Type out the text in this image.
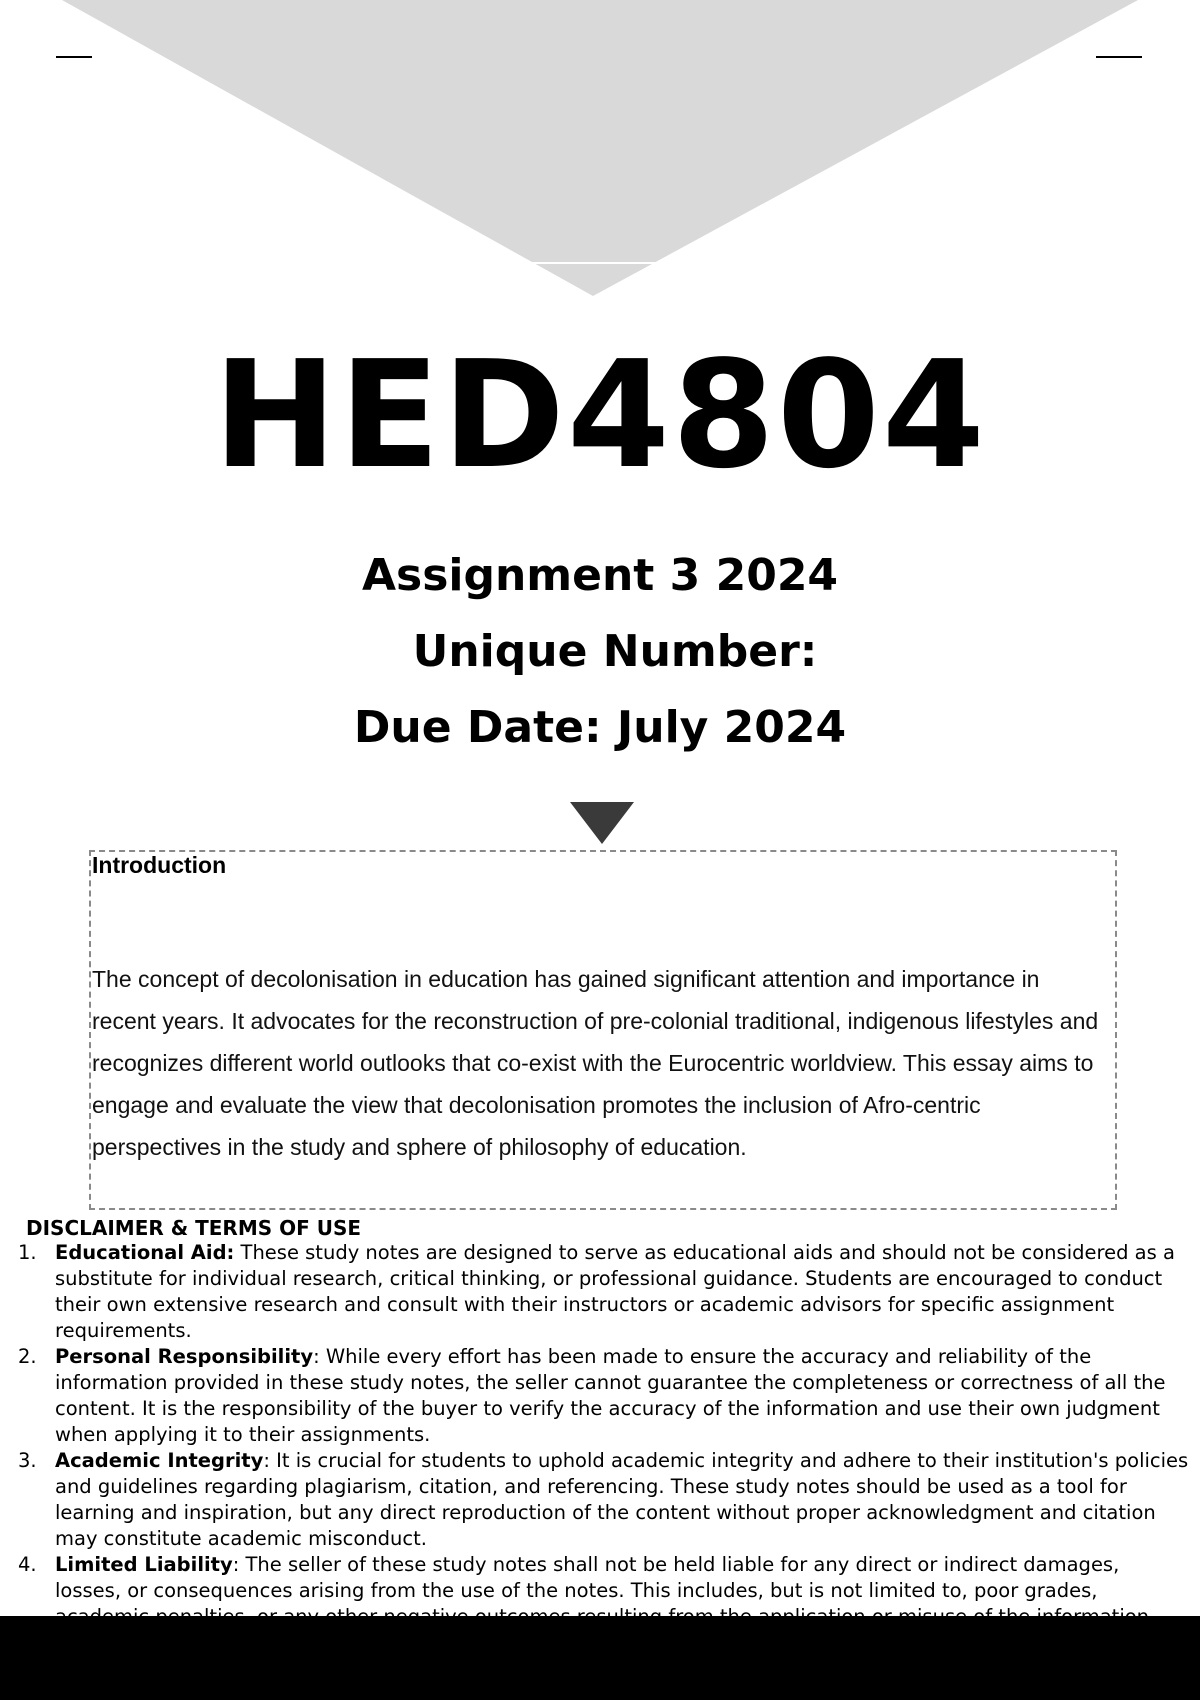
HED4804
Assignment 3 2024
Unique Number:
Due Date: July 2024
Introduction
The concept of decolonisation in education has gained significant attention and importance in recent years. It advocates for the reconstruction of pre-colonial traditional, indigenous lifestyles and recognizes different world outlooks that co-exist with the Eurocentric worldview. This essay aims to engage and evaluate the view that decolonisation promotes the inclusion of Afro-centric perspectives in the study and sphere of philosophy of education.
DISCLAIMER & TERMS OF USE
1. Educational Aid: These study notes are designed to serve as educational aids and should not be considered as a substitute for individual research, critical thinking, or professional guidance. Students are encouraged to conduct their own extensive research and consult with their instructors or academic advisors for specific assignment requirements.
2. Personal Responsibility: While every effort has been made to ensure the accuracy and reliability of the information provided in these study notes, the seller cannot guarantee the completeness or correctness of all the content. It is the responsibility of the buyer to verify the accuracy of the information and use their own judgment when applying it to their assignments.
3. Academic Integrity: It is crucial for students to uphold academic integrity and adhere to their institution's policies and guidelines regarding plagiarism, citation, and referencing. These study notes should be used as a tool for learning and inspiration, but any direct reproduction of the content without proper acknowledgment and citation may constitute academic misconduct.
4. Limited Liability: The seller of these study notes shall not be held liable for any direct or indirect damages, losses, or consequences arising from the use of the notes. This includes, but is not limited to, poor grades,
